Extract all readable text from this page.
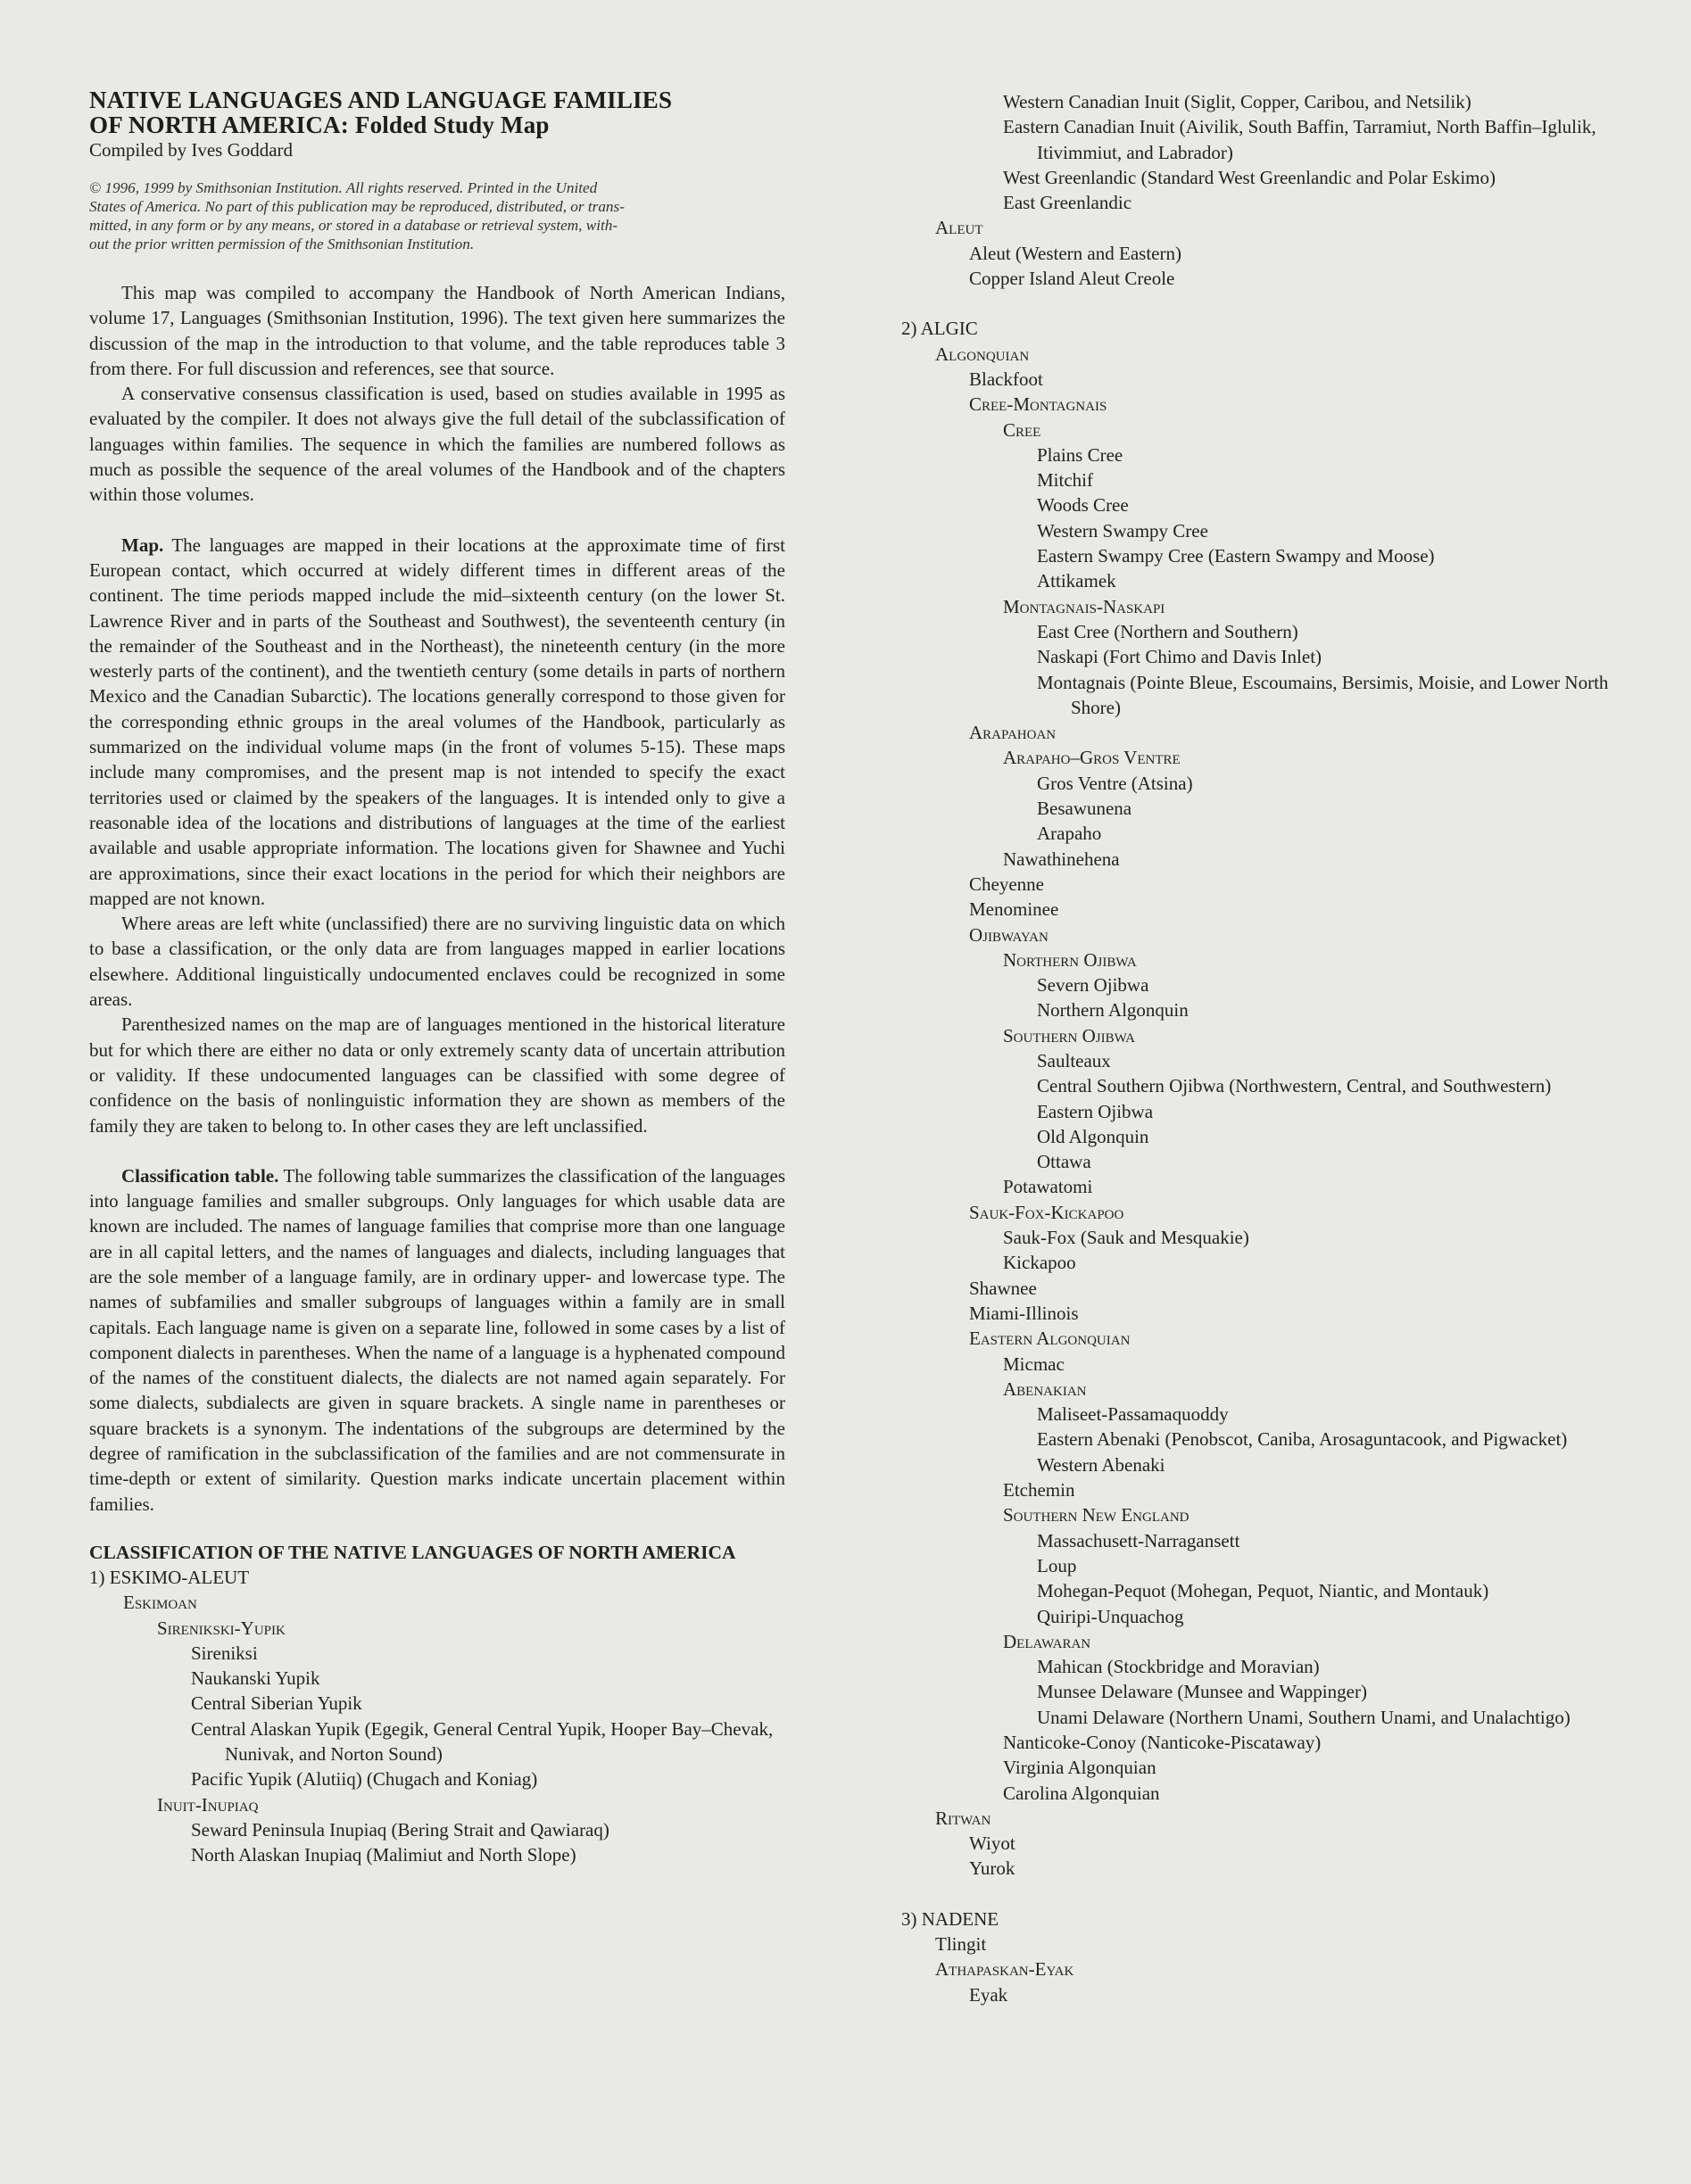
NATIVE LANGUAGES AND LANGUAGE FAMILIES
OF NORTH AMERICA: Folded Study Map
Compiled by Ives Goddard
© 1996, 1999 by Smithsonian Institution. All rights reserved. Printed in the United
States of America. No part of this publication may be reproduced, distributed, or trans-
mitted, in any form or by any means, or stored in a database or retrieval system, with-
out the prior written permission of the Smithsonian Institution.

This map was compiled to accompany the Handbook of North American Indians, volume 17, Languages (Smithsonian Institution, 1996). The text given here summarizes the discussion of the map in the introduction to that volume, and the table reproduces table 3 from there. For full discussion and references, see that source.

A conservative consensus classification is used, based on studies available in 1995 as evaluated by the compiler. It does not always give the full detail of the subclassification of languages within families. The sequence in which the families are numbered follows as much as possible the sequence of the areal volumes of the Handbook and of the chapters within those volumes.

Map. The languages are mapped in their locations at the approximate time of first European contact, which occurred at widely different times in different areas of the continent. The time periods mapped include the mid–sixteenth century (on the lower St. Lawrence River and in parts of the Southeast and Southwest), the seventeenth century (in the remainder of the Southeast and in the Northeast), the nineteenth century (in the more westerly parts of the continent), and the twentieth century (some details in parts of northern Mexico and the Canadian Subarctic). The locations generally correspond to those given for the corresponding ethnic groups in the areal volumes of the Handbook, particularly as summarized on the individual volume maps (in the front of volumes 5-15). These maps include many compromises, and the present map is not intended to specify the exact territories used or claimed by the speakers of the languages. It is intended only to give a reasonable idea of the locations and distributions of languages at the time of the earliest available and usable appropriate information. The locations given for Shawnee and Yuchi are approximations, since their exact locations in the period for which their neighbors are mapped are not known.

Where areas are left white (unclassified) there are no surviving linguistic data on which to base a classification, or the only data are from languages mapped in earlier locations elsewhere. Additional linguistically undocumented enclaves could be recognized in some areas.

Parenthesized names on the map are of languages mentioned in the historical literature but for which there are either no data or only extremely scanty data of uncertain attribution or validity. If these undocumented languages can be classified with some degree of confidence on the basis of nonlinguistic information they are shown as members of the family they are taken to belong to. In other cases they are left unclassified.

Classification table. The following table summarizes the classification of the languages into language families and smaller subgroups. Only languages for which usable data are known are included. The names of language families that comprise more than one language are in all capital letters, and the names of languages and dialects, including languages that are the sole member of a language family, are in ordinary upper- and lowercase type. The names of subfamilies and smaller subgroups of languages within a family are in small capitals. Each language name is given on a separate line, followed in some cases by a list of component dialects in parentheses. When the name of a language is a hyphenated compound of the names of the constituent dialects, the dialects are not named again separately. For some dialects, subdialects are given in square brackets. A single name in parentheses or square brackets is a synonym. The indentations of the subgroups are determined by the degree of ramification in the subclassification of the families and are not commensurate in time-depth or extent of similarity. Question marks indicate uncertain placement within families.

CLASSIFICATION OF THE NATIVE LANGUAGES OF NORTH AMERICA
1) ESKIMO-ALEUT
Eskimoan
Sirenikski-Yupik
Sireniksi
Naukanski Yupik
Central Siberian Yupik
Central Alaskan Yupik (Egegik, General Central Yupik, Hooper Bay–Chevak, Nunivak, and Norton Sound)
Pacific Yupik (Alutiiq) (Chugach and Koniag)
Inuit-Inupiaq
Seward Peninsula Inupiaq (Bering Strait and Qawiaraq)
North Alaskan Inupiaq (Malimiut and North Slope)
Western Canadian Inuit (Siglit, Copper, Caribou, and Netsilik)
Eastern Canadian Inuit (Aivilik, South Baffin, Tarramiut, North Baffin–Iglulik, Itivimmiut, and Labrador)
West Greenlandic (Standard West Greenlandic and Polar Eskimo)
East Greenlandic
Aleut
Aleut (Western and Eastern)
Copper Island Aleut Creole
2) ALGIC
Algonquian
Blackfoot
Cree-Montagnais
Cree
Plains Cree
Mitchif
Woods Cree
Western Swampy Cree
Eastern Swampy Cree (Eastern Swampy and Moose)
Attikamek
Montagnais-Naskapi
East Cree (Northern and Southern)
Naskapi (Fort Chimo and Davis Inlet)
Montagnais (Pointe Bleue, Escoumains, Bersimis, Moisie, and Lower North Shore)
Arapahoan
Arapaho–Gros Ventre
Gros Ventre (Atsina)
Besawunena
Arapaho
Nawathinehena
Cheyenne
Menominee
Ojibwayan
Northern Ojibwa
Severn Ojibwa
Northern Algonquin
Southern Ojibwa
Saulteaux
Central Southern Ojibwa (Northwestern, Central, and Southwestern)
Eastern Ojibwa
Old Algonquin
Ottawa
Potawatomi
Sauk-Fox-Kickapoo
Sauk-Fox (Sauk and Mesquakie)
Kickapoo
Shawnee
Miami-Illinois
Eastern Algonquian
Micmac
Abenakian
Maliseet-Passamaquoddy
Eastern Abenaki (Penobscot, Caniba, Arosaguntacook, and Pigwacket)
Western Abenaki
Etchemin
Southern New England
Massachusett-Narragansett
Loup
Mohegan-Pequot (Mohegan, Pequot, Niantic, and Montauk)
Quiripi-Unquachog
Delawaran
Mahican (Stockbridge and Moravian)
Munsee Delaware (Munsee and Wappinger)
Unami Delaware (Northern Unami, Southern Unami, and Unalachtigo)
Nanticoke-Conoy (Nanticoke-Piscataway)
Virginia Algonquian
Carolina Algonquian
Ritwan
Wiyot
Yurok
3) NADENE
Tlingit
Athapaskan-Eyak
Eyak
